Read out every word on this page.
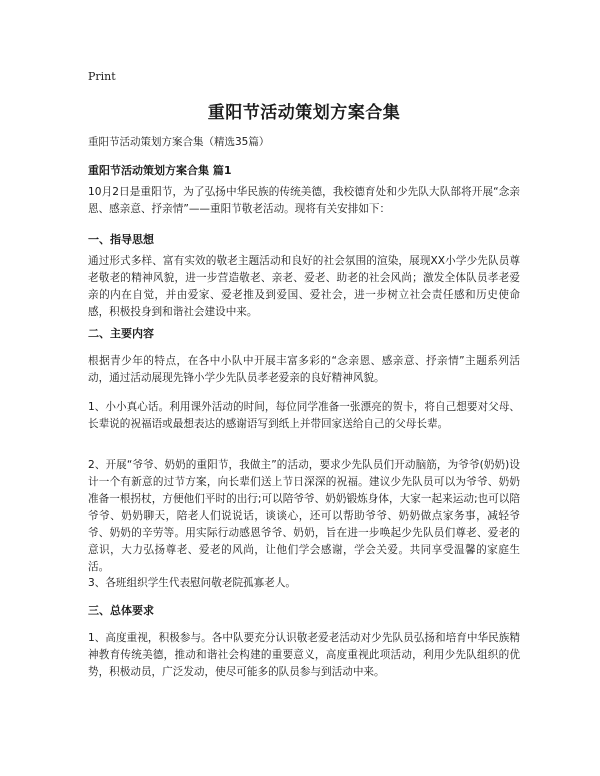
Print
重阳节活动策划方案合集

重阳节活动策划方案合集（精选35篇）

重阳节活动策划方案合集 篇1

10月2日是重阳节，为了弘扬中华民族的传统美德，我校德育处和少先队大队部将开展“念亲恩、感亲意、抒亲情”——重阳节敬老活动。现将有关安排如下：

一、指导思想

通过形式多样、富有实效的敬老主题活动和良好的社会氛围的渲染，展现XX小学少先队员尊老敬老的精神风貌，进一步营造敬老、亲老、爱老、助老的社会风尚；激发全体队员孝老爱亲的内在自觉，并由爱家、爱老推及到爱国、爱社会，进一步树立社会责任感和历史使命感，积极投身到和谐社会建设中来。

二、主要内容

根据青少年的特点，在各中小队中开展丰富多彩的“念亲恩、感亲意、抒亲情”主题系列活动，通过活动展现先锋小学少先队员孝老爱亲的良好精神风貌。

1、小小真心话。利用课外活动的时间，每位同学准备一张漂亮的贺卡，将自己想要对父母、长辈说的祝福语或最想表达的感谢语写到纸上并带回家送给自己的父母长辈。

2、开展“爷爷、奶奶的重阳节，我做主”的活动，要求少先队员们开动脑筋，为爷爷(奶奶)设计一个有新意的过节方案，向长辈们送上节日深深的祝福。建议少先队员可以为爷爷、奶奶准备一根拐杖，方便他们平时的出行;可以陪爷爷、奶奶锻炼身体，大家一起来运动;也可以陪爷爷、奶奶聊天，陪老人们说说话，谈谈心，还可以帮助爷爷、奶奶做点家务事，减轻爷爷、奶奶的辛劳等。用实际行动感恩爷爷、奶奶，旨在进一步唤起少先队员们尊老、爱老的意识，大力弘扬尊老、爱老的风尚，让他们学会感谢，学会关爱。共同享受温馨的家庭生活。

3、各班组织学生代表慰问敬老院孤寡老人。

三、总体要求

1、高度重视，积极参与。各中队要充分认识敬老爱老活动对少先队员弘扬和培育中华民族精神教育传统美德，推动和谐社会构建的重要意义，高度重视此项活动，利用少先队组织的优势，积极动员，广泛发动，使尽可能多的队员参与到活动中来。
